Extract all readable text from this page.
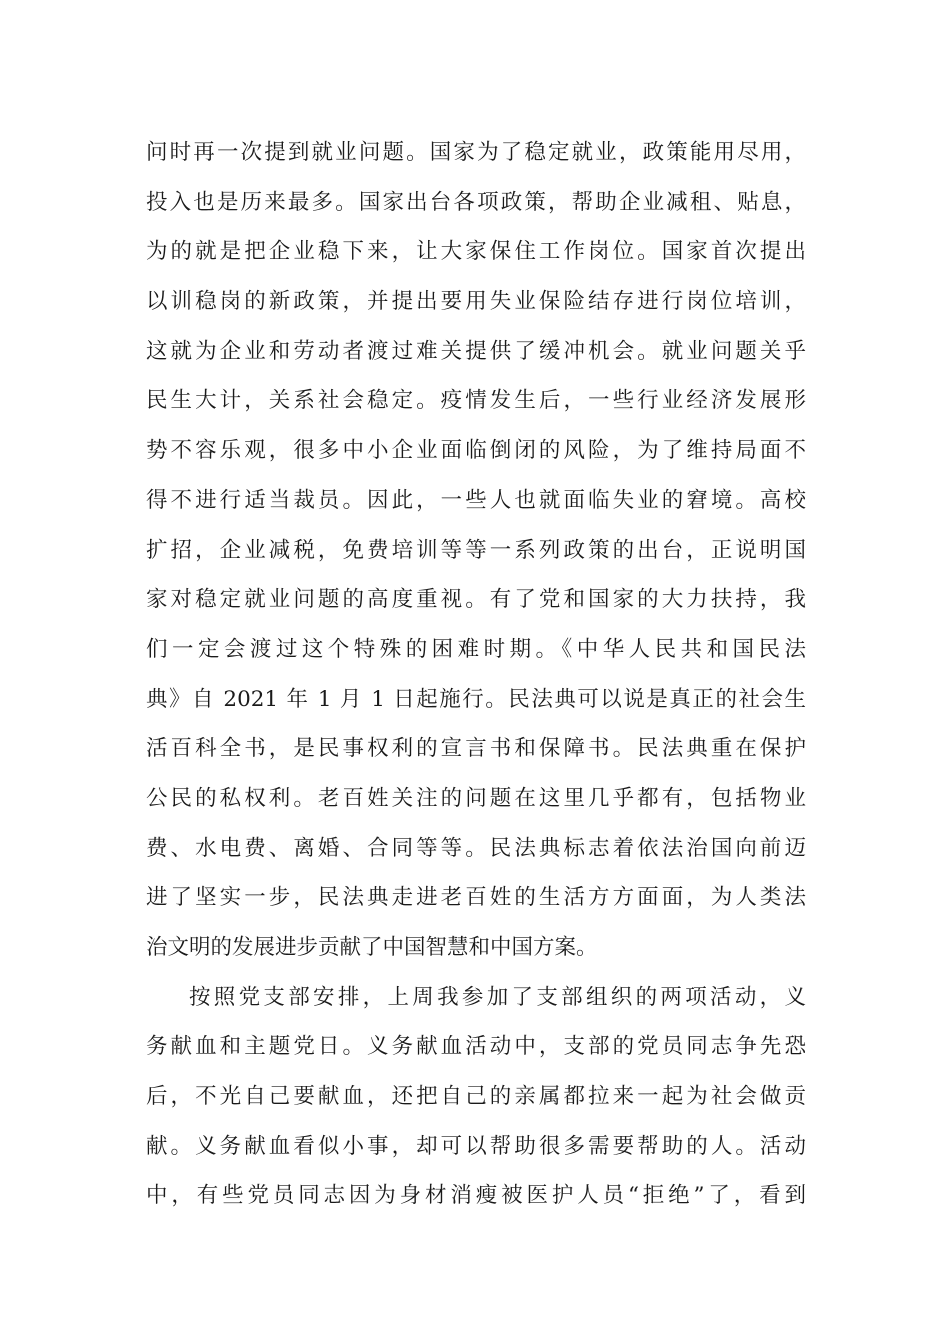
问时再一次提到就业问题。国家为了稳定就业，政策能用尽用，
投入也是历来最多。国家出台各项政策，帮助企业减租、贴息，
为的就是把企业稳下来，让大家保住工作岗位。国家首次提出
以训稳岗的新政策，并提出要用失业保险结存进行岗位培训，
这就为企业和劳动者渡过难关提供了缓冲机会。就业问题关乎
民生大计，关系社会稳定。疫情发生后，一些行业经济发展形
势不容乐观，很多中小企业面临倒闭的风险，为了维持局面不
得不进行适当裁员。因此，一些人也就面临失业的窘境。高校
扩招，企业减税，免费培训等等一系列政策的出台，正说明国
家对稳定就业问题的高度重视。有了党和国家的大力扶持，我
们一定会渡过这个特殊的困难时期。《中华人民共和国民法
典》自 2021 年 1 月 1 日起施行。民法典可以说是真正的社会生
活百科全书，是民事权利的宣言书和保障书。民法典重在保护
公民的私权利。老百姓关注的问题在这里几乎都有，包括物业
费、水电费、离婚、合同等等。民法典标志着依法治国向前迈
进了坚实一步，民法典走进老百姓的生活方方面面，为人类法
治文明的发展进步贡献了中国智慧和中国方案。
按照党支部安排，上周我参加了支部组织的两项活动，义
务献血和主题党日。义务献血活动中，支部的党员同志争先恐
后，不光自己要献血，还把自己的亲属都拉来一起为社会做贡
献。义务献血看似小事，却可以帮助很多需要帮助的人。活动
中，有些党员同志因为身材消瘦被医护人员“拒绝”了，看到
